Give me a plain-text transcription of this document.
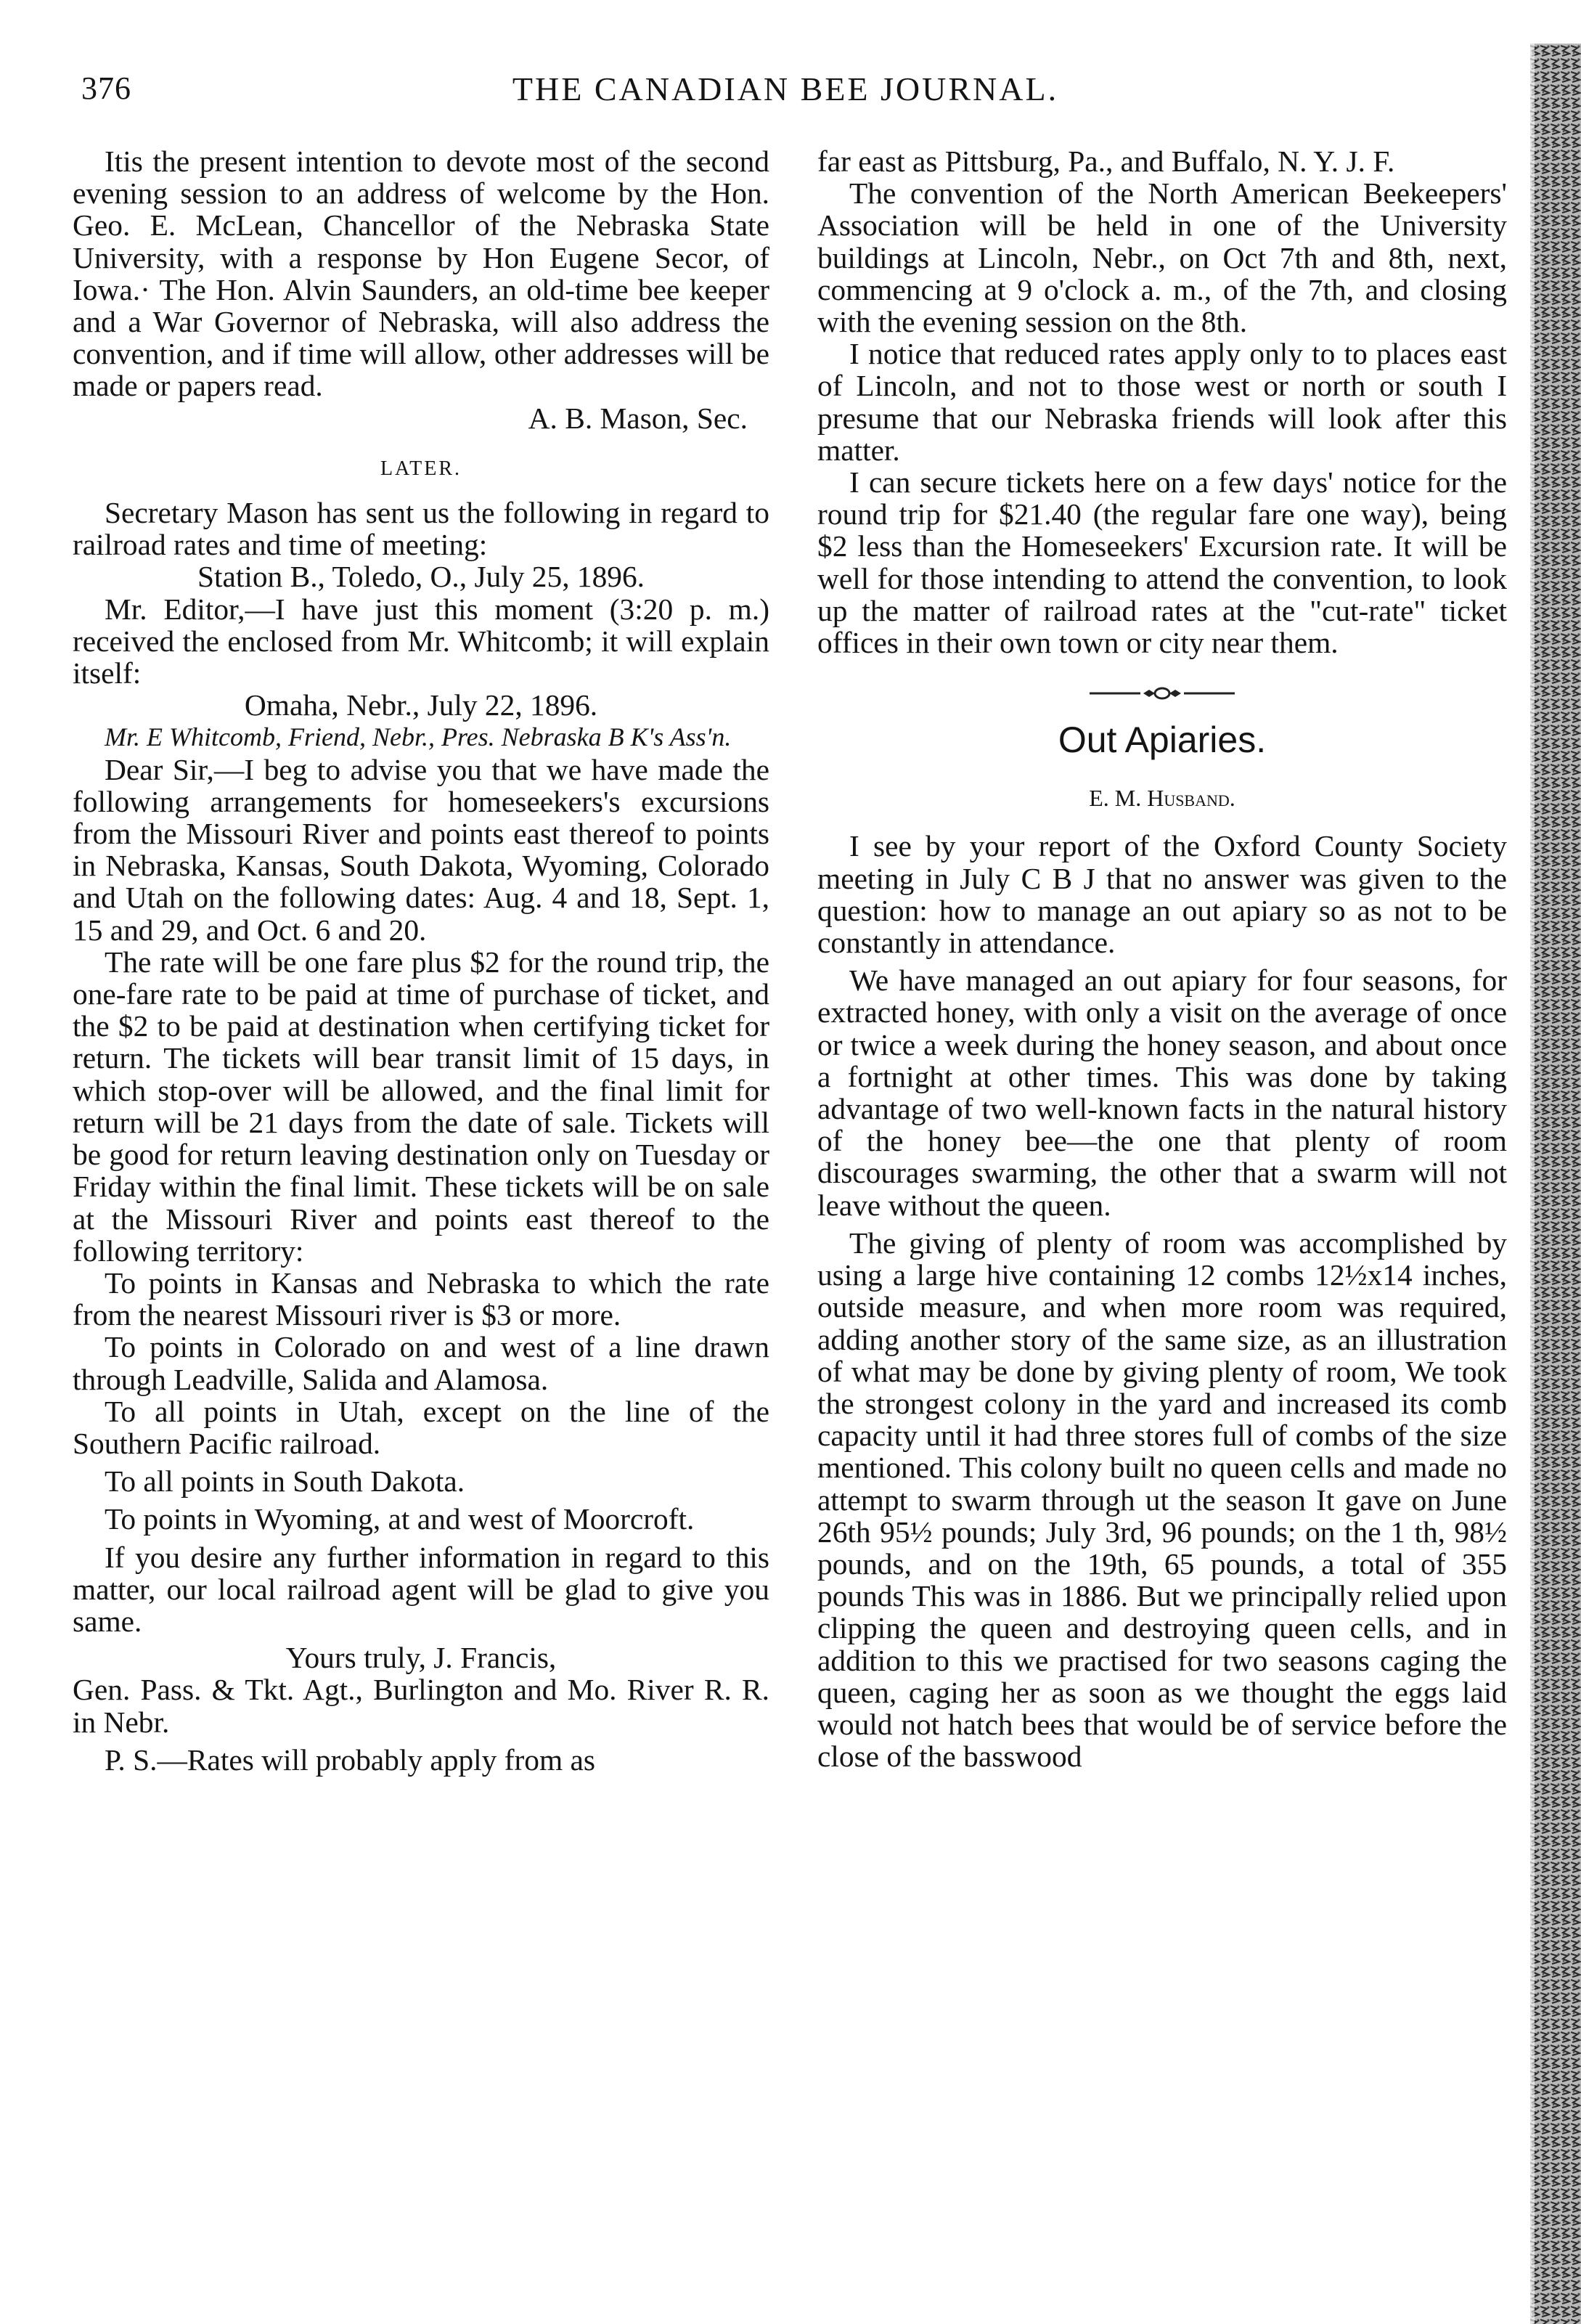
376	THE CANADIAN BEE JOURNAL.

Itis the present intention to devote most of the second evening session to an address of welcome by the Hon. Geo. E. McLean, Chancellor of the Nebraska State University, with a response by Hon Eugene Secor, of Iowa.· The Hon. Alvin Saunders, an old-time bee keeper and a War Governor of Nebraska, will also address the convention, and if time will allow, other addresses will be made or papers read.

A. B. Mason, Sec.

LATER.

Secretary Mason has sent us the following in regard to railroad rates and time of meeting:

Station B., Toledo, O., July 25, 1896.

Mr. Editor,—I have just this moment (3:20 p. m.) received the enclosed from Mr. Whitcomb; it will explain itself:

Omaha, Nebr., July 22, 1896.

Mr. E Whitcomb, Friend, Nebr., Pres. Nebraska B K's Ass'n.

Dear Sir,—I beg to advise you that we have made the following arrangements for homeseekers's excursions from the Missouri River and points east thereof to points in Nebraska, Kansas, South Dakota, Wyoming, Colorado and Utah on the following dates: Aug. 4 and 18, Sept. 1, 15 and 29, and Oct. 6 and 20.

The rate will be one fare plus $2 for the round trip, the one-fare rate to be paid at time of purchase of ticket, and the $2 to be paid at destination when certifying ticket for return. The tickets will bear transit limit of 15 days, in which stop-over will be allowed, and the final limit for return will be 21 days from the date of sale. Tickets will be good for return leaving destination only on Tuesday or Friday within the final limit. These tickets will be on sale at the Missouri River and points east thereof to the following territory:

To points in Kansas and Nebraska to which the rate from the nearest Missouri river is $3 or more.

To points in Colorado on and west of a line drawn through Leadville, Salida and Alamosa.

To all points in Utah, except on the line of the Southern Pacific railroad.

To all points in South Dakota.

To points in Wyoming, at and west of Moorcroft.

If you desire any further information in regard to this matter, our local railroad agent will be glad to give you same.

Yours truly, J. Francis,

Gen. Pass. & Tkt. Agt., Burlington and Mo. River R. R. in Nebr.

P. S.—Rates will probably apply from as

far east as Pittsburg, Pa., and Buffalo, N. Y. J. F.

The convention of the North American Beekeepers' Association will be held in one of the University buildings at Lincoln, Nebr., on Oct 7th and 8th, next, commencing at 9 o'clock a. m., of the 7th, and closing with the evening session on the 8th.

I notice that reduced rates apply only to to places east of Lincoln, and not to those west or north or south I presume that our Nebraska friends will look after this matter.

I can secure tickets here on a few days' notice for the round trip for $21.40 (the regular fare one way), being $2 less than the Homeseekers' Excursion rate. It will be well for those intending to attend the convention, to look up the matter of railroad rates at the "cut-rate" ticket offices in their own town or city near them.

Out Apiaries.

E. M. Husband.

I see by your report of the Oxford County Society meeting in July C B J that no answer was given to the question: how to manage an out apiary so as not to be constantly in attendance.

We have managed an out apiary for four seasons, for extracted honey, with only a visit on the average of once or twice a week during the honey season, and about once a fortnight at other times. This was done by taking advantage of two well-known facts in the natural history of the honey bee—the one that plenty of room discourages swarming, the other that a swarm will not leave without the queen.

The giving of plenty of room was accomplished by using a large hive containing 12 combs 12½x14 inches, outside measure, and when more room was required, adding another story of the same size, as an illustration of what may be done by giving plenty of room, We took the strongest colony in the yard and increased its comb capacity until it had three stores full of combs of the size mentioned. This colony built no queen cells and made no attempt to swarm through ut the season It gave on June 26th 95½ pounds; July 3rd, 96 pounds; on the 1 th, 98½ pounds, and on the 19th, 65 pounds, a total of 355 pounds This was in 1886. But we principally relied upon clipping the queen and destroying queen cells, and in addition to this we practised for two seasons caging the queen, caging her as soon as we thought the eggs laid would not hatch bees that would be of service before the close of the basswood
